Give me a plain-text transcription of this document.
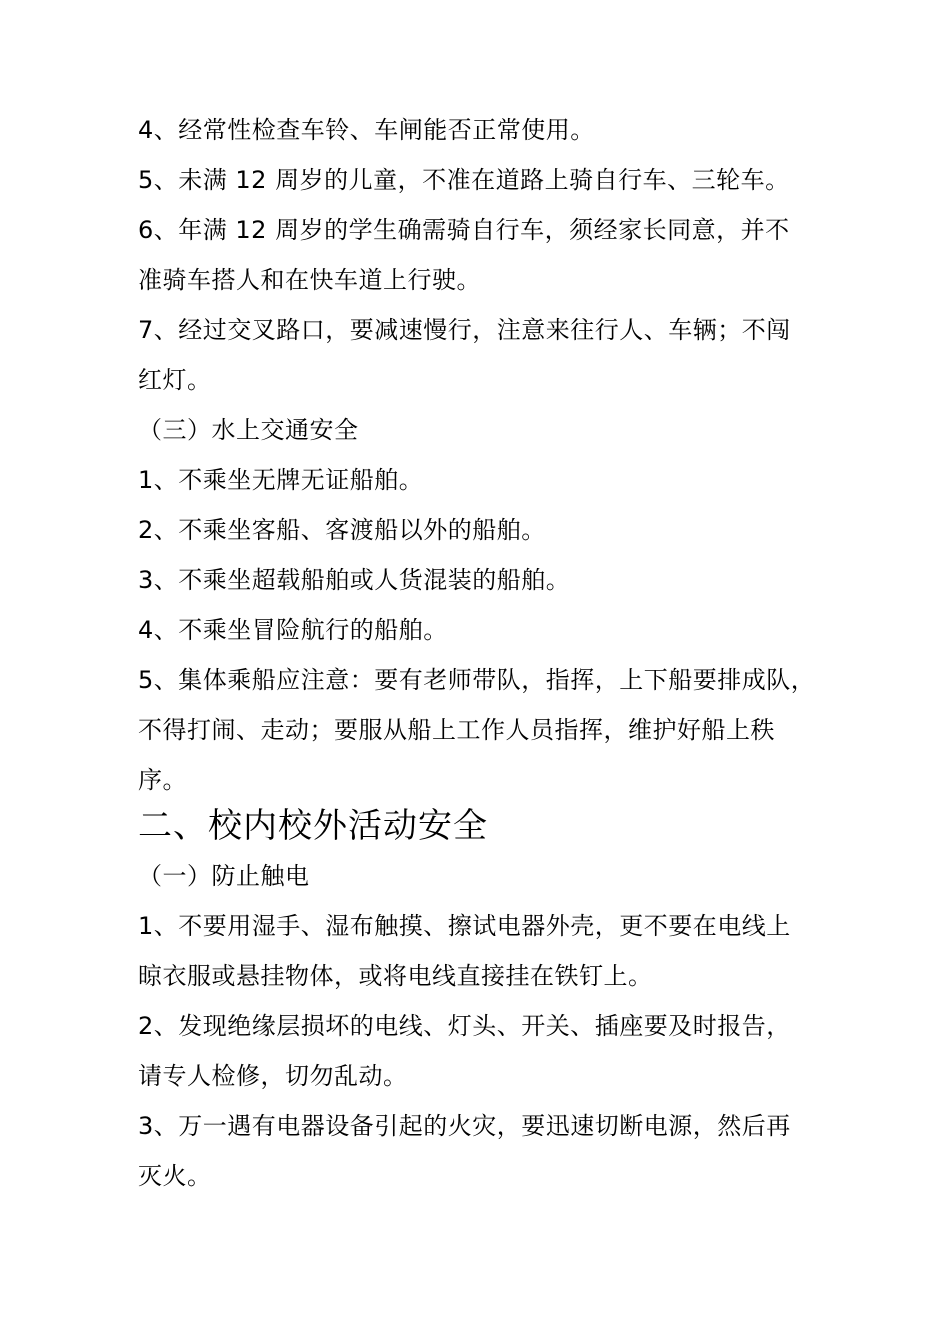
4、经常性检查车铃、车闸能否正常使用。
5、未满 12 周岁的儿童，不准在道路上骑自行车、三轮车。
6、年满 12 周岁的学生确需骑自行车，须经家长同意，并不
准骑车搭人和在快车道上行驶。
7、经过交叉路口，要减速慢行，注意来往行人、车辆；不闯
红灯。
（三）水上交通安全
1、不乘坐无牌无证船舶。
2、不乘坐客船、客渡船以外的船舶。
3、不乘坐超载船舶或人货混装的船舶。
4、不乘坐冒险航行的船舶。
5、集体乘船应注意：要有老师带队，指挥，上下船要排成队，
不得打闹、走动；要服从船上工作人员指挥，维护好船上秩
序。
二、校内校外活动安全
（一）防止触电
1、不要用湿手、湿布触摸、擦试电器外壳，更不要在电线上
晾衣服或悬挂物体，或将电线直接挂在铁钉上。
2、发现绝缘层损坏的电线、灯头、开关、插座要及时报告，
请专人检修，切勿乱动。
3、万一遇有电器设备引起的火灾，要迅速切断电源，然后再
灭火。
